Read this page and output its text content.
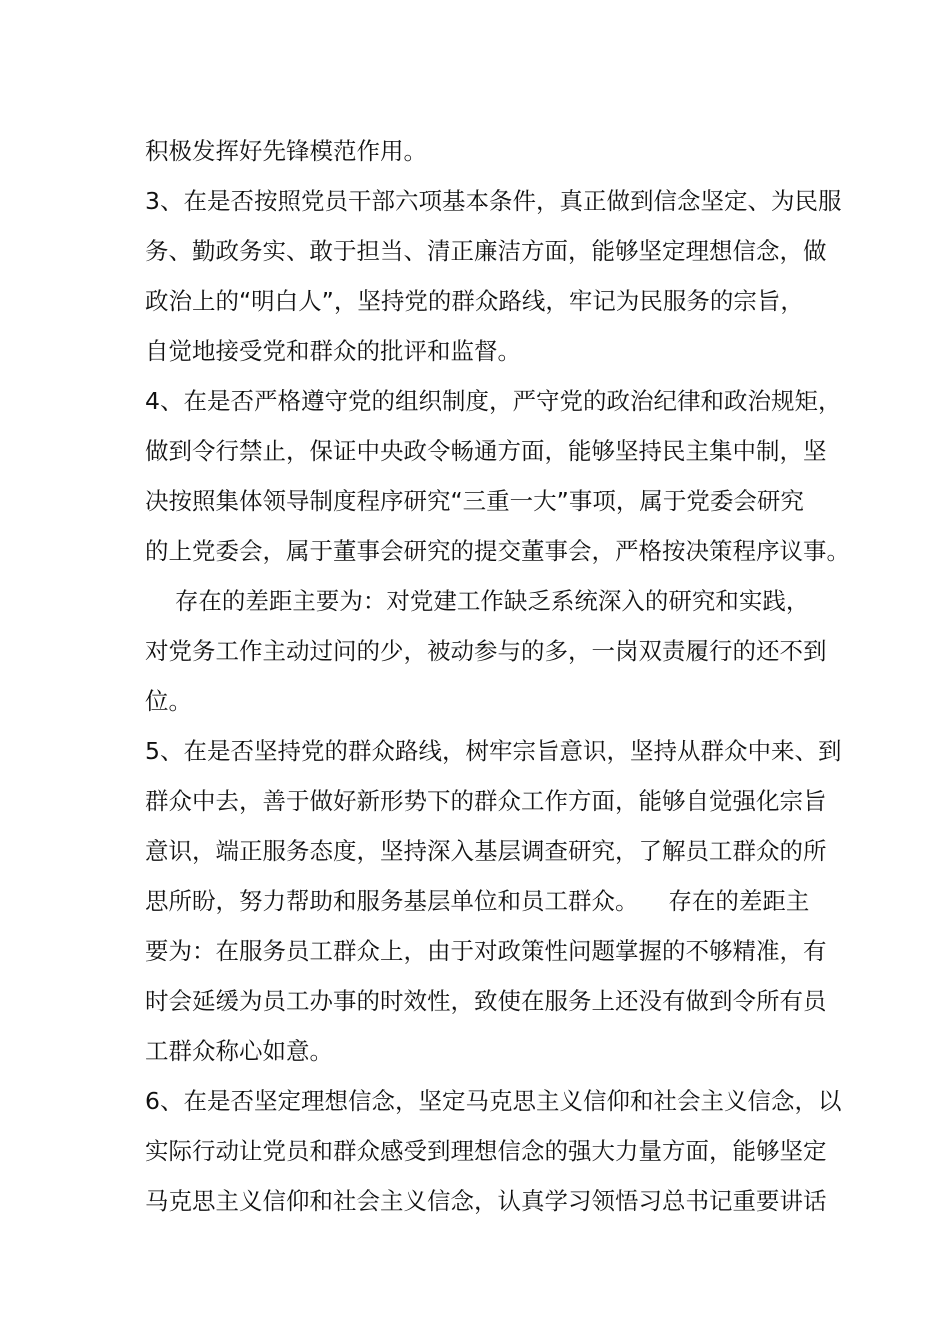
积极发挥好先锋模范作用。
3、在是否按照党员干部六项基本条件，真正做到信念坚定、为民服
务、勤政务实、敢于担当、清正廉洁方面，能够坚定理想信念，做
政治上的“明白人”，坚持党的群众路线，牢记为民服务的宗旨，
自觉地接受党和群众的批评和监督。
4、在是否严格遵守党的组织制度，严守党的政治纪律和政治规矩，
做到令行禁止，保证中央政令畅通方面，能够坚持民主集中制，坚
决按照集体领导制度程序研究“三重一大”事项，属于党委会研究
的上党委会，属于董事会研究的提交董事会，严格按决策程序议事。
存在的差距主要为：对党建工作缺乏系统深入的研究和实践，
对党务工作主动过问的少，被动参与的多，一岗双责履行的还不到
位。
5、在是否坚持党的群众路线，树牢宗旨意识，坚持从群众中来、到
群众中去，善于做好新形势下的群众工作方面，能够自觉强化宗旨
意识，端正服务态度，坚持深入基层调查研究，了解员工群众的所
思所盼，努力帮助和服务基层单位和员工群众。    存在的差距主
要为：在服务员工群众上，由于对政策性问题掌握的不够精准，有
时会延缓为员工办事的时效性，致使在服务上还没有做到令所有员
工群众称心如意。
6、在是否坚定理想信念，坚定马克思主义信仰和社会主义信念，以
实际行动让党员和群众感受到理想信念的强大力量方面，能够坚定
马克思主义信仰和社会主义信念，认真学习领悟习总书记重要讲话
